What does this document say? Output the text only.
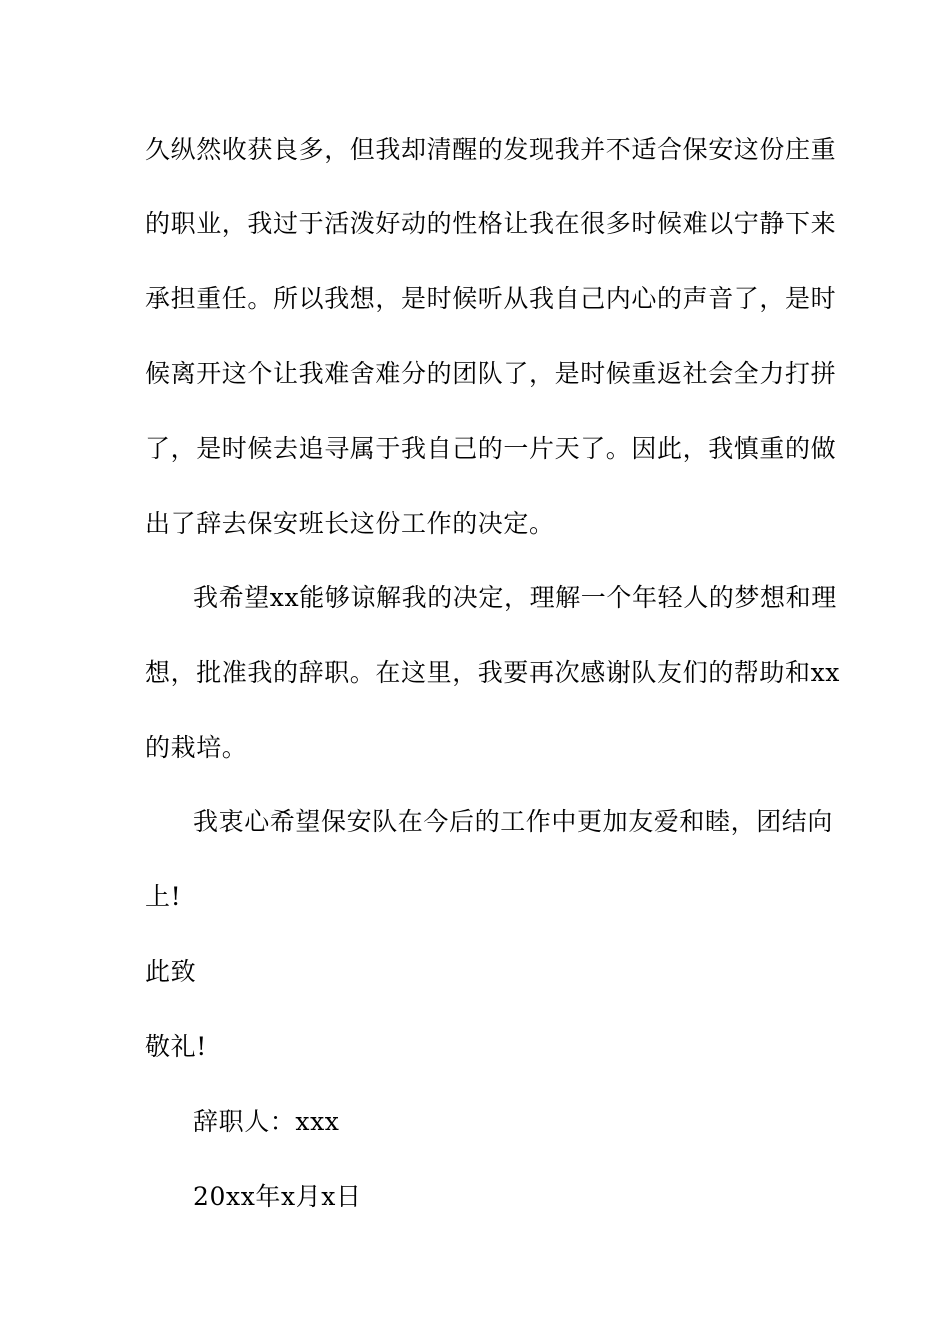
久纵然收获良多，但我却清醒的发现我并不适合保安这份庄重
的职业，我过于活泼好动的性格让我在很多时候难以宁静下来
承担重任。所以我想，是时候听从我自己内心的声音了，是时
候离开这个让我难舍难分的团队了，是时候重返社会全力打拼
了，是时候去追寻属于我自己的一片天了。因此，我慎重的做
出了辞去保安班长这份工作的决定。
我希望xx能够谅解我的决定，理解一个年轻人的梦想和理
想，批准我的辞职。在这里，我要再次感谢队友们的帮助和xx
的栽培。
我衷心希望保安队在今后的工作中更加友爱和睦，团结向
上!
此致
敬礼!
辞职人：xxx
20xx年x月x日
